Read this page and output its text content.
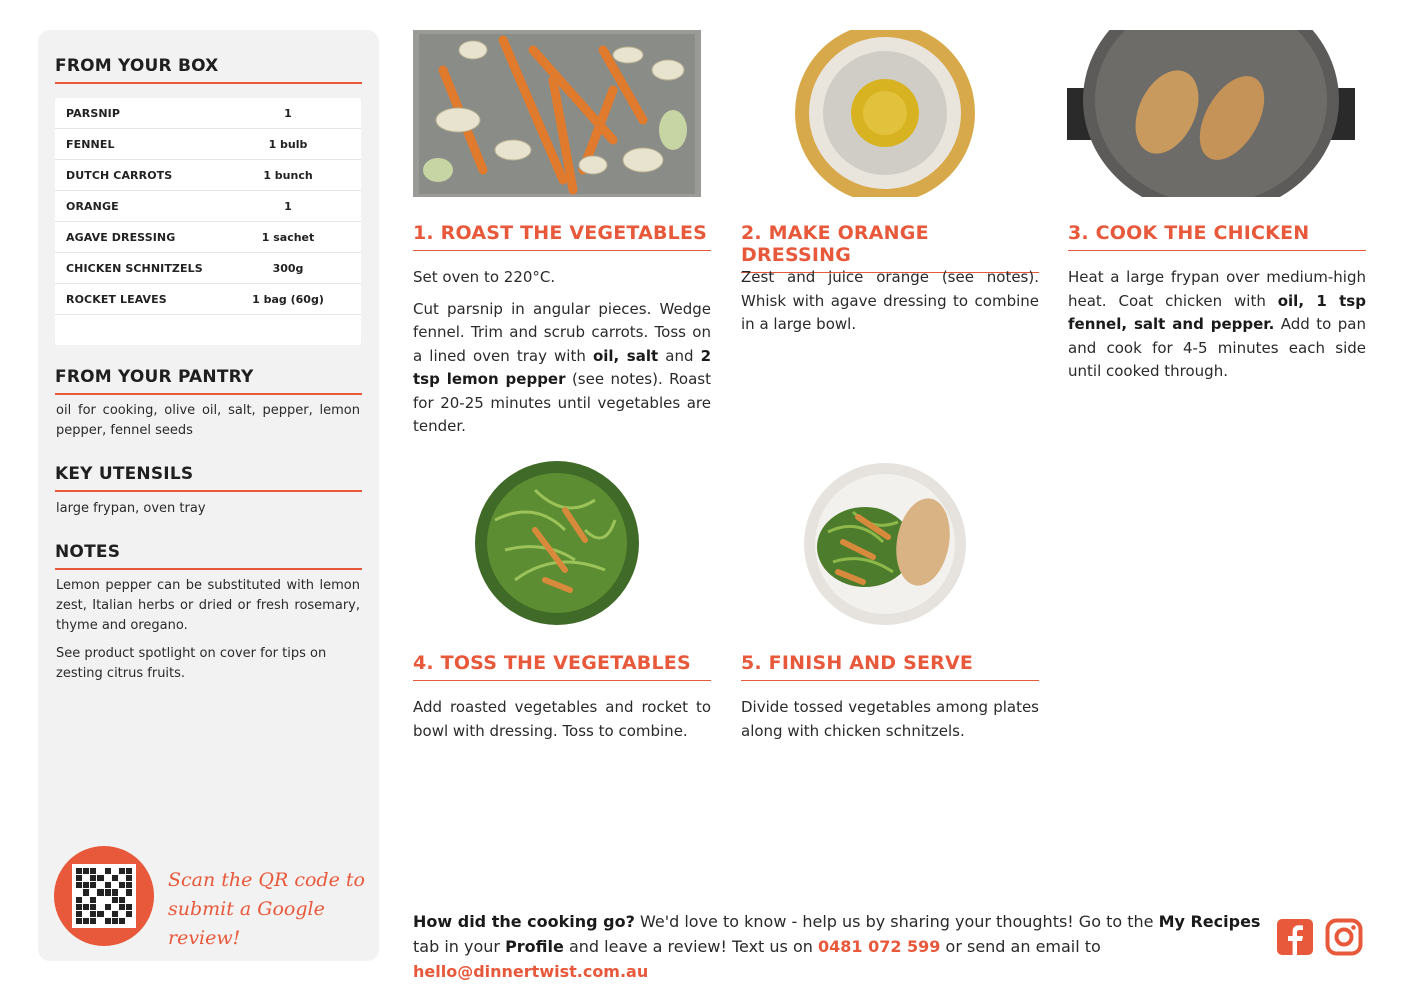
FROM YOUR BOX
PARSNIP	1
FENNEL	1 bulb
DUTCH CARROTS	1 bunch
ORANGE	1
AGAVE DRESSING	1 sachet
CHICKEN SCHNITZELS	300g
ROCKET LEAVES	1 bag (60g)
FROM YOUR PANTRY
oil for cooking, olive oil, salt, pepper, lemon pepper, fennel seeds
KEY UTENSILS
large frypan, oven tray
NOTES
Lemon pepper can be substituted with lemon zest, Italian herbs or dried or fresh rosemary, thyme and oregano.
See product spotlight on cover for tips on zesting citrus fruits.
Scan the QR code to
submit a Google review!
1. ROAST THE VEGETABLES

Set oven to 220°C.

Cut parsnip in angular pieces. Wedge fennel. Trim and scrub carrots. Toss on a lined oven tray with oil, salt and 2 tsp lemon pepper (see notes). Roast for 20-25 minutes until vegetables are tender.

2. MAKE ORANGE DRESSING

Zest and juice orange (see notes). Whisk with agave dressing to combine in a large bowl.

3. COOK THE CHICKEN

Heat a large frypan over medium-high heat. Coat chicken with oil, 1 tsp fennel, salt and pepper. Add to pan and cook for 4-5 minutes each side until cooked through.

4. TOSS THE VEGETABLES

Add roasted vegetables and rocket to bowl with dressing. Toss to combine.

5. FINISH AND SERVE

Divide tossed vegetables among plates along with chicken schnitzels.

How did the cooking go? We'd love to know - help us by sharing your thoughts! Go to the My Recipes tab in your Profile and leave a review! Text us on 0481 072 599 or send an email to hello@dinnertwist.com.au
